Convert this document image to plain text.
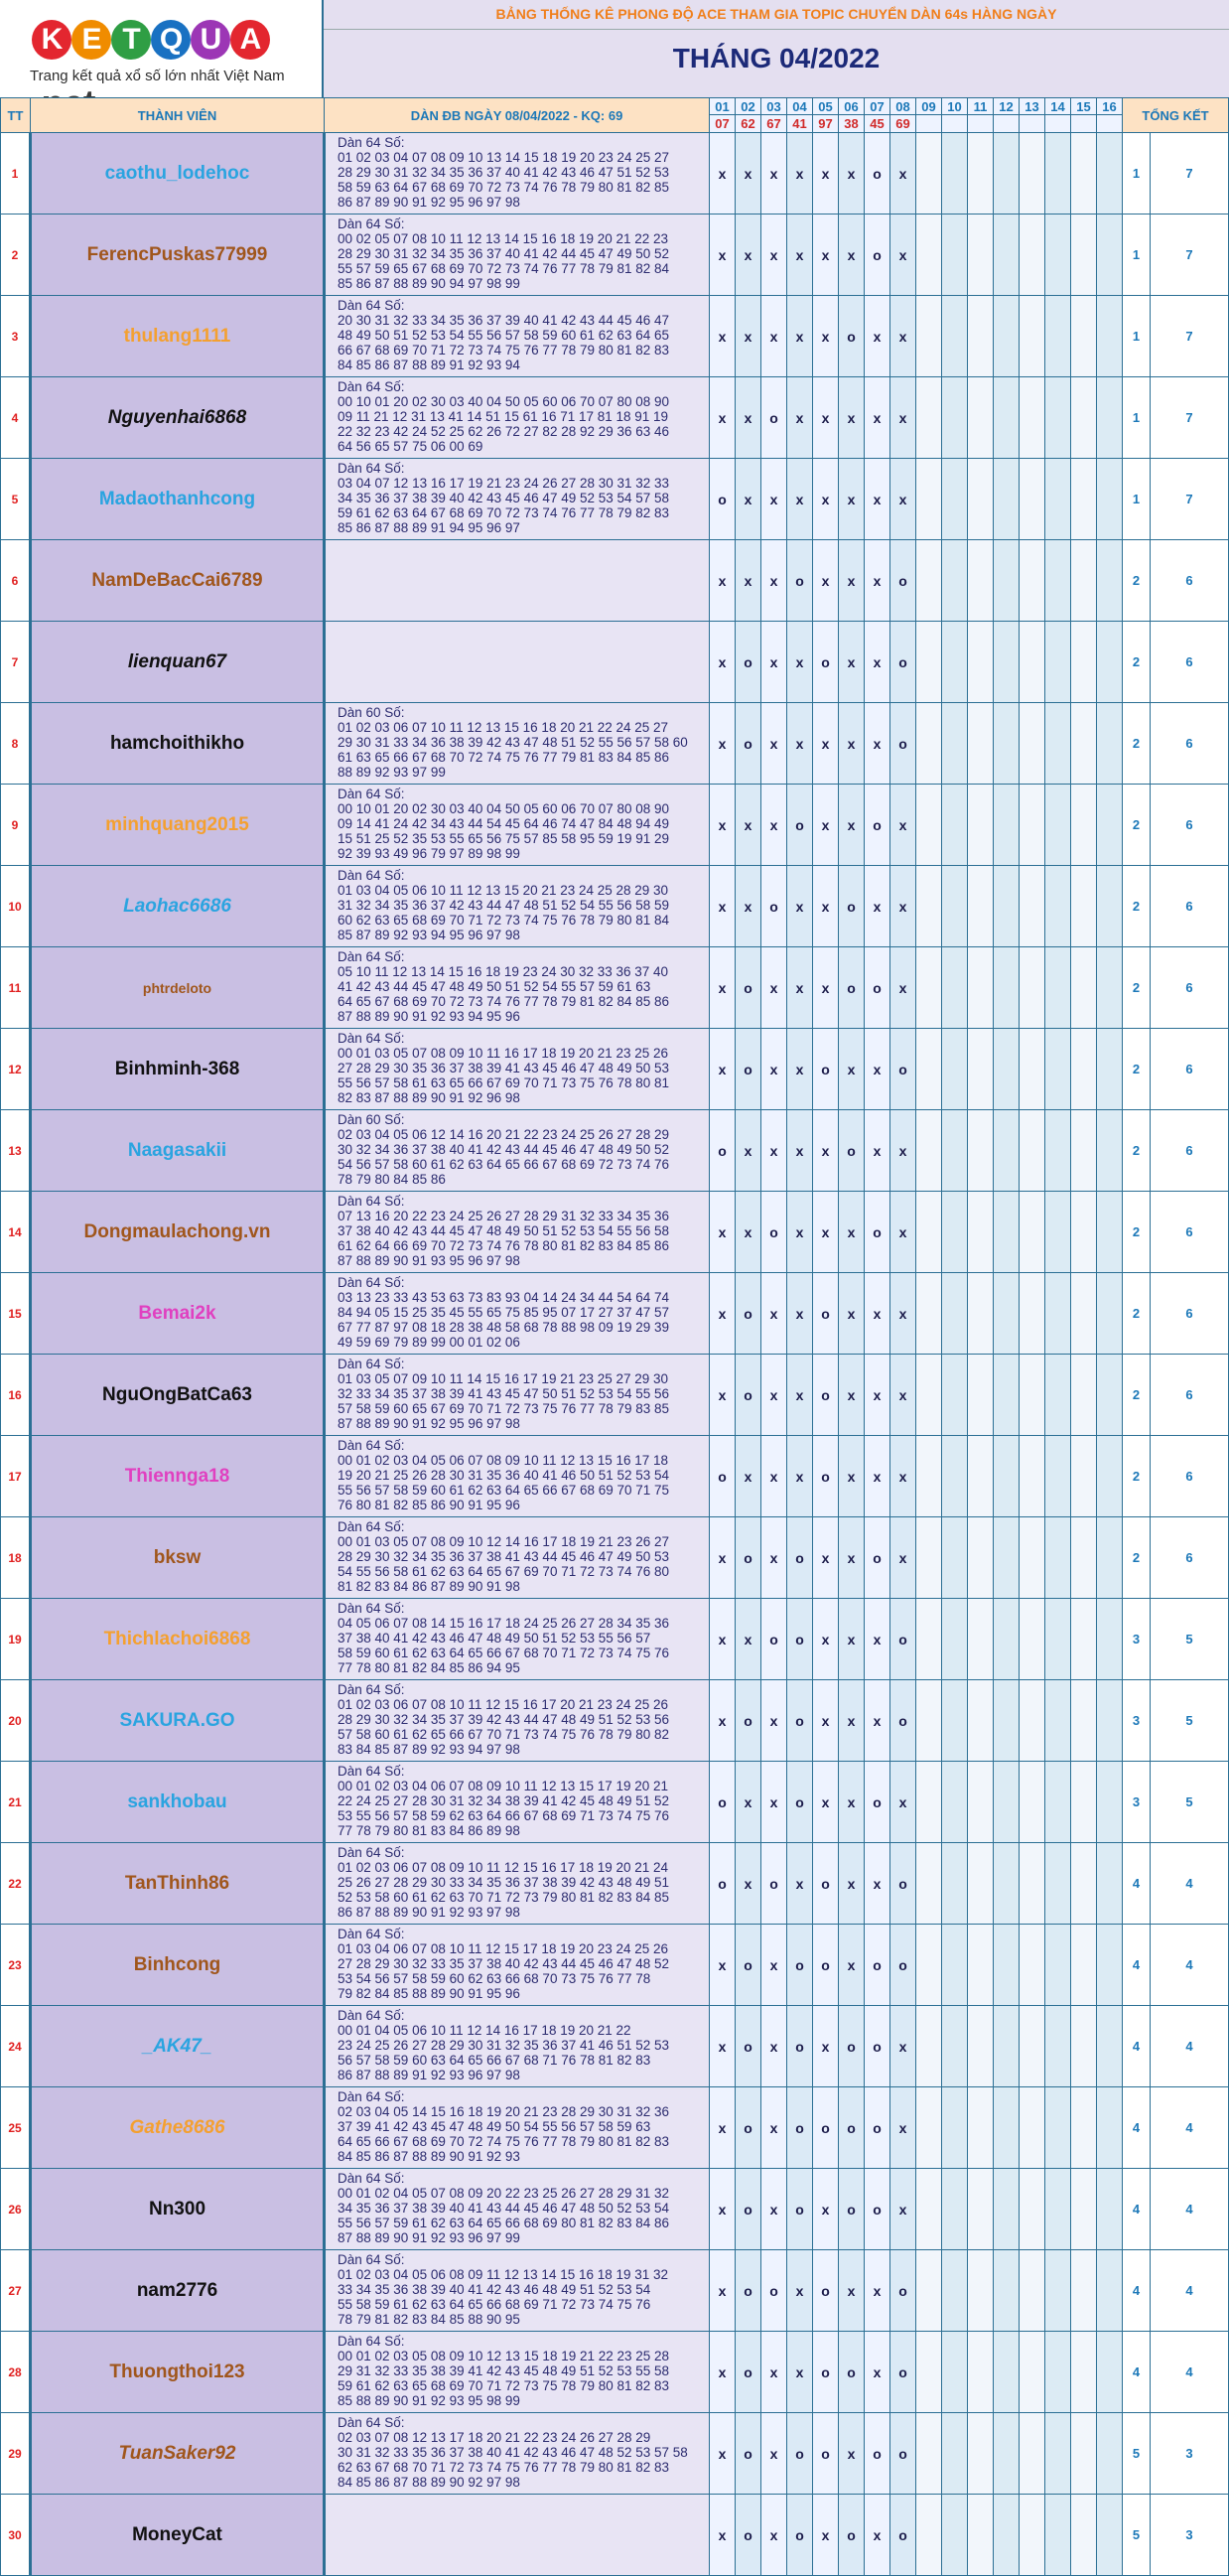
K E T Q U A
Trang kết quả xổ số lớn nhất Việt Nam
BẢNG THỐNG KÊ PHONG ĐỘ ACE THAM GIA TOPIC CHUYỂN DÀN 64s HÀNG NGÀY
THÁNG 04/2022
TT	THÀNH VIÊN	DÀN ĐB NGÀY 08/04/2022 - KQ: 69	01	02	03	04	05	06	07	08	09	10	11	12	13	14	15	16	TỔNG KẾT	
			07	62	67	41	97	38	45	69										
1	caothu_lodehoc	Dàn 64 Số:
01 02 03 04 07 08 09 10 13 14 15 18 19 20 23 24 25 27
28 29 30 31 32 34 35 36 37 40 41 42 43 46 47 51 52 53
58 59 63 64 67 68 69 70 72 73 74 76 78 79 80 81 82 85
86 87 89 90 91 92 95 96 97 98	x	x	x	x	x	x	o	x									1	7
2	FerencPuskas77999	Dàn 64 Số:
00 02 05 07 08 10 11 12 13 14 15 16 18 19 20 21 22 23
28 29 30 31 32 34 35 36 37 40 41 42 44 45 47 49 50 52
55 57 59 65 67 68 69 70 72 73 74 76 77 78 79 81 82 84
85 86 87 88 89 90 94 97 98 99	x	x	x	x	x	x	o	x									1	7
3	thulang1111	Dàn 64 Số:
20 30 31 32 33 34 35 36 37 39 40 41 42 43 44 45 46 47
48 49 50 51 52 53 54 55 56 57 58 59 60 61 62 63 64 65
66 67 68 69 70 71 72 73 74 75 76 77 78 79 80 81 82 83
84 85 86 87 88 89 91 92 93 94	x	x	x	x	x	o	x	x									1	7
4	Nguyenhai6868	Dàn 64 Số:
00 10 01 20 02 30 03 40 04 50 05 60 06 70 07 80 08 90
09 11 21 12 31 13 41 14 51 15 61 16 71 17 81 18 91 19
22 32 23 42 24 52 25 62 26 72 27 82 28 92 29 36 63 46
64 56 65 57 75 06 00 69	x	x	o	x	x	x	x	x									1	7
5	Madaothanhcong	Dàn 64 Số:
03 04 07 12 13 16 17 19 21 23 24 26 27 28 30 31 32 33
34 35 36 37 38 39 40 42 43 45 46 47 49 52 53 54 57 58
59 61 62 63 64 67 68 69 70 72 73 74 76 77 78 79 82 83
85 86 87 88 89 91 94 95 96 97	o	x	x	x	x	x	x	x									1	7
6	NamDeBacCai6789		x	x	x	o	x	x	x	o									2	6
7	lienquan67		x	o	x	x	o	x	x	o									2	6
8	hamchoithikho	Dàn 60 Số:
01 02 03 06 07 10 11 12 13 15 16 18 20 21 22 24 25 27
29 30 31 33 34 36 38 39 42 43 47 48 51 52 55 56 57 58 60
61 63 65 66 67 68 70 72 74 75 76 77 79 81 83 84 85 86
88 89 92 93 97 99	x	o	x	x	x	x	x	o									2	6
9	minhquang2015	Dàn 64 Số:
00 10 01 20 02 30 03 40 04 50 05 60 06 70 07 80 08 90
09 14 41 24 42 34 43 44 54 45 64 46 74 47 84 48 94 49
15 51 25 52 35 53 55 65 56 75 57 85 58 95 59 19 91 29
92 39 93 49 96 79 97 89 98 99	x	x	x	o	x	x	o	x									2	6
10	Laohac6686	Dàn 64 Số:
01 03 04 05 06 10 11 12 13 15 20 21 23 24 25 28 29 30
31 32 34 35 36 37 42 43 44 47 48 51 52 54 55 56 58 59
60 62 63 65 68 69 70 71 72 73 74 75 76 78 79 80 81 84
85 87 89 92 93 94 95 96 97 98	x	x	o	x	x	o	x	x									2	6
11	phtrdeloto	Dàn 64 Số:
05 10 11 12 13 14 15 16 18 19 23 24 30 32 33 36 37 40
41 42 43 44 45 47 48 49 50 51 52 54 55 57 59 61 63
64 65 67 68 69 70 72 73 74 76 77 78 79 81 82 84 85 86
87 88 89 90 91 92 93 94 95 96	x	o	x	x	x	o	o	x									2	6
12	Binhminh-368	Dàn 64 Số:
00 01 03 05 07 08 09 10 11 16 17 18 19 20 21 23 25 26
27 28 29 30 35 36 37 38 39 41 43 45 46 47 48 49 50 53
55 56 57 58 61 63 65 66 67 69 70 71 73 75 76 78 80 81
82 83 87 88 89 90 91 92 96 98	x	o	x	x	o	x	x	o									2	6
13	Naagasakii	Dàn 60 Số:
02 03 04 05 06 12 14 16 20 21 22 23 24 25 26 27 28 29
30 32 34 36 37 38 40 41 42 43 44 45 46 47 48 49 50 52
54 56 57 58 60 61 62 63 64 65 66 67 68 69 72 73 74 76
78 79 80 84 85 86	o	x	x	x	x	o	x	x									2	6
14	Dongmaulachong.vn	Dàn 64 Số:
07 13 16 20 22 23 24 25 26 27 28 29 31 32 33 34 35 36
37 38 40 42 43 44 45 47 48 49 50 51 52 53 54 55 56 58
61 62 64 66 69 70 72 73 74 76 78 80 81 82 83 84 85 86
87 88 89 90 91 93 95 96 97 98	x	x	o	x	x	x	o	x									2	6
15	Bemai2k	Dàn 64 Số:
03 13 23 33 43 53 63 73 83 93 04 14 24 34 44 54 64 74
84 94 05 15 25 35 45 55 65 75 85 95 07 17 27 37 47 57
67 77 87 97 08 18 28 38 48 58 68 78 88 98 09 19 29 39
49 59 69 79 89 99 00 01 02 06	x	o	x	x	o	x	x	x									2	6
16	NguOngBatCa63	Dàn 64 Số:
01 03 05 07 09 10 11 14 15 16 17 19 21 23 25 27 29 30
32 33 34 35 37 38 39 41 43 45 47 50 51 52 53 54 55 56
57 58 59 60 65 67 69 70 71 72 73 75 76 77 78 79 83 85
87 88 89 90 91 92 95 96 97 98	x	o	x	x	o	x	x	x									2	6
17	Thiennga18	Dàn 64 Số:
00 01 02 03 04 05 06 07 08 09 10 11 12 13 15 16 17 18
19 20 21 25 26 28 30 31 35 36 40 41 46 50 51 52 53 54
55 56 57 58 59 60 61 62 63 64 65 66 67 68 69 70 71 75
76 80 81 82 85 86 90 91 95 96	o	x	x	x	o	x	x	x									2	6
18	bksw	Dàn 64 Số:
00 01 03 05 07 08 09 10 12 14 16 17 18 19 21 23 26 27
28 29 30 32 34 35 36 37 38 41 43 44 45 46 47 49 50 53
54 55 56 58 61 62 63 64 65 67 69 70 71 72 73 74 76 80
81 82 83 84 86 87 89 90 91 98	x	o	x	o	x	x	o	x									2	6
19	Thichlachoi6868	Dàn 64 Số:
04 05 06 07 08 14 15 16 17 18 24 25 26 27 28 34 35 36
37 38 40 41 42 43 46 47 48 49 50 51 52 53 55 56 57
58 59 60 61 62 63 64 65 66 67 68 70 71 72 73 74 75 76
77 78 80 81 82 84 85 86 94 95	x	x	o	o	x	x	x	o									3	5
20	SAKURA.GO	Dàn 64 Số:
01 02 03 06 07 08 10 11 12 15 16 17 20 21 23 24 25 26
28 29 30 32 34 35 37 39 42 43 44 47 48 49 51 52 53 56
57 58 60 61 62 65 66 67 70 71 73 74 75 76 78 79 80 82
83 84 85 87 89 92 93 94 97 98	x	o	x	o	x	x	x	o									3	5
21	sankhobau	Dàn 64 Số:
00 01 02 03 04 06 07 08 09 10 11 12 13 15 17 19 20 21
22 24 25 27 28 30 31 32 34 38 39 41 42 45 48 49 51 52
53 55 56 57 58 59 62 63 64 66 67 68 69 71 73 74 75 76
77 78 79 80 81 83 84 86 89 98	o	x	x	o	x	x	o	x									3	5
22	TanThinh86	Dàn 64 Số:
01 02 03 06 07 08 09 10 11 12 15 16 17 18 19 20 21 24
25 26 27 28 29 30 33 34 35 36 37 38 39 42 43 48 49 51
52 53 58 60 61 62 63 70 71 72 73 79 80 81 82 83 84 85
86 87 88 89 90 91 92 93 97 98	o	x	o	x	o	x	x	o									4	4
23	Binhcong	Dàn 64 Số:
01 03 04 06 07 08 10 11 12 15 17 18 19 20 23 24 25 26
27 28 29 30 32 33 35 37 38 40 42 43 44 45 46 47 48 52
53 54 56 57 58 59 60 62 63 66 68 70 73 75 76 77 78
79 82 84 85 88 89 90 91 95 96	x	o	x	o	o	x	o	o									4	4
24	_AK47_	Dàn 64 Số:
00 01 04 05 06 10 11 12 14 16 17 18 19 20 21 22
23 24 25 26 27 28 29 30 31 32 35 36 37 41 46 51 52 53
56 57 58 59 60 63 64 65 66 67 68 71 76 78 81 82 83
86 87 88 89 91 92 93 96 97 98	x	o	x	o	x	o	o	x									4	4
25	Gathe8686	Dàn 64 Số:
02 03 04 05 14 15 16 18 19 20 21 23 28 29 30 31 32 36
37 39 41 42 43 45 47 48 49 50 54 55 56 57 58 59 63
64 65 66 67 68 69 70 72 74 75 76 77 78 79 80 81 82 83
84 85 86 87 88 89 90 91 92 93	x	o	x	o	o	o	o	x									4	4
26	Nn300	Dàn 64 Số:
00 01 02 04 05 07 08 09 20 22 23 25 26 27 28 29 31 32
34 35 36 37 38 39 40 41 43 44 45 46 47 48 50 52 53 54
55 56 57 59 61 62 63 64 65 66 68 69 80 81 82 83 84 86
87 88 89 90 91 92 93 96 97 99	x	o	x	o	x	o	o	x									4	4
27	nam2776	Dàn 64 Số:
01 02 03 04 05 06 08 09 11 12 13 14 15 16 18 19 31 32
33 34 35 36 38 39 40 41 42 43 46 48 49 51 52 53 54
55 58 59 61 62 63 64 65 66 68 69 71 72 73 74 75 76
78 79 81 82 83 84 85 88 90 95	x	o	o	x	o	x	x	o									4	4
28	Thuongthoi123	Dàn 64 Số:
00 01 02 03 05 08 09 10 12 13 15 18 19 21 22 23 25 28
29 31 32 33 35 38 39 41 42 43 45 48 49 51 52 53 55 58
59 61 62 63 65 68 69 70 71 72 73 75 78 79 80 81 82 83
85 88 89 90 91 92 93 95 98 99	x	o	x	x	o	o	x	o									4	4
29	TuanSaker92	Dàn 64 Số:
02 03 07 08 12 13 17 18 20 21 22 23 24 26 27 28 29
30 31 32 33 35 36 37 38 40 41 42 43 46 47 48 52 53 57 58
62 63 67 68 70 71 72 73 74 75 76 77 78 79 80 81 82 83
84 85 86 87 88 89 90 92 97 98	x	o	x	o	o	x	o	o									5	3
30	MoneyCat		x	o	x	o	x	o	x	o									5	3
